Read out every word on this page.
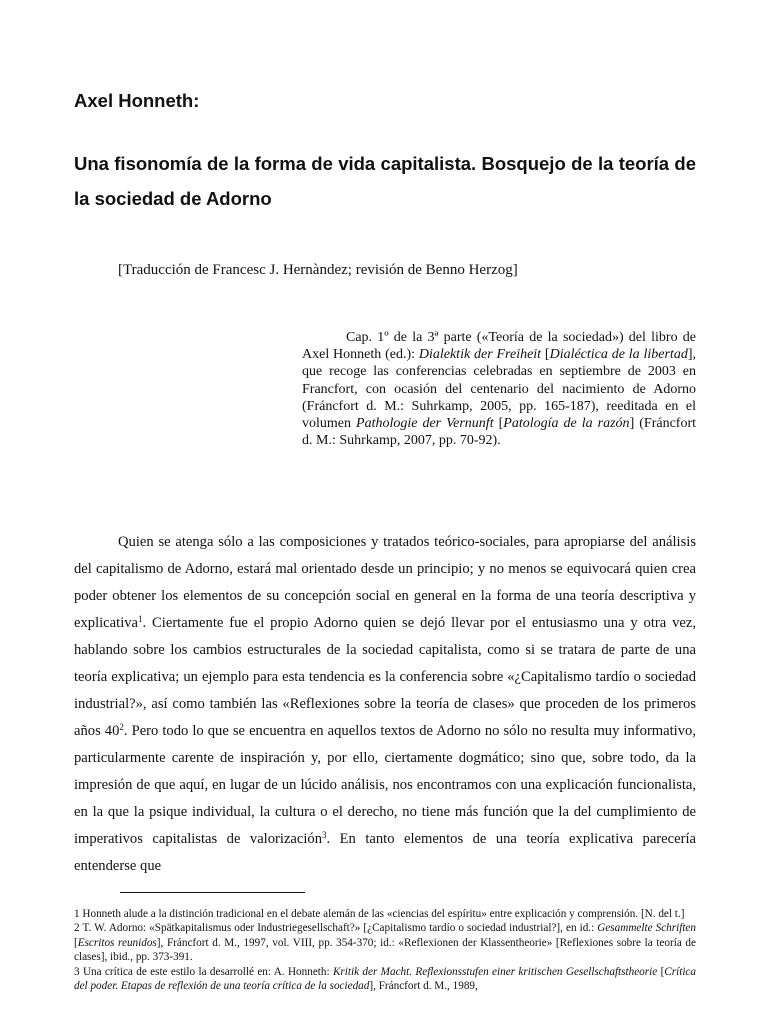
Axel Honneth:
Una fisonomía de la forma de vida capitalista. Bosquejo de la teoría de la sociedad de Adorno

[Traducción de Francesc J. Hernàndez; revisión de Benno Herzog]

Cap. 1º de la 3ª parte («Teoría de la sociedad») del libro de Axel Honneth (ed.): Dialektik der Freiheit [Dialéctica de la libertad], que recoge las conferencias celebradas en septiembre de 2003 en Francfort, con ocasión del centenario del nacimiento de Adorno (Fráncfort d. M.: Suhrkamp, 2005, pp. 165-187), reeditada en el volumen Pathologie der Vernunft [Patología de la razón] (Fráncfort d. M.: Suhrkamp, 2007, pp. 70-92).

Quien se atenga sólo a las composiciones y tratados teórico-sociales, para apropiarse del análisis del capitalismo de Adorno, estará mal orientado desde un principio; y no menos se equivocará quien crea poder obtener los elementos de su concepción social en general en la forma de una teoría descriptiva y explicativa$^1$. Ciertamente fue el propio Adorno quien se dejó llevar por el entusiasmo una y otra vez, hablando sobre los cambios estructurales de la sociedad capitalista, como si se tratara de parte de una teoría explicativa; un ejemplo para esta tendencia es la conferencia sobre «¿Capitalismo tardío o sociedad industrial?», así como también las «Reflexiones sobre la teoría de clases» que proceden de los primeros años $40^2$. Pero todo lo que se encuentra en aquellos textos de Adorno no sólo no resulta muy informativo, particularmente carente de inspiración y, por ello, ciertamente dogmático; sino que, sobre todo, da la impresión de que aquí, en lugar de un lúcido análisis, nos encontramos con una explicación funcionalista, en la que la psique individual, la cultura o el derecho, no tiene más función que la del cumplimiento de imperativos capitalistas de valorización$^3$. En tanto elementos de una teoría explicativa parecería entenderse que

1 Honneth alude a la distinción tradicional en el debate alemán de las «ciencias del espíritu» entre explicación y comprensión. [N. del t.]

2 T. W. Adorno: «Spätkapitalismus oder Industriegesellschaft?» [¿Capitalismo tardío o sociedad industrial?], en id.: Gesammelte Schriften [Escritos reunidos], Fráncfort d. M., 1997, vol. VIII, pp. 354-370; id.: «Reflexionen der Klassentheorie» [Reflexiones sobre la teoría de clases], ibid., pp. 373-391.

3 Una crítica de este estilo la desarrollé en: A. Honneth: Kritik der Macht. Reflexionsstufen einer kritischen Gesellschaftstheorie [Crítica del poder. Etapas de reflexión de una teoría crítica de la sociedad], Fráncfort d. M., 1989,
